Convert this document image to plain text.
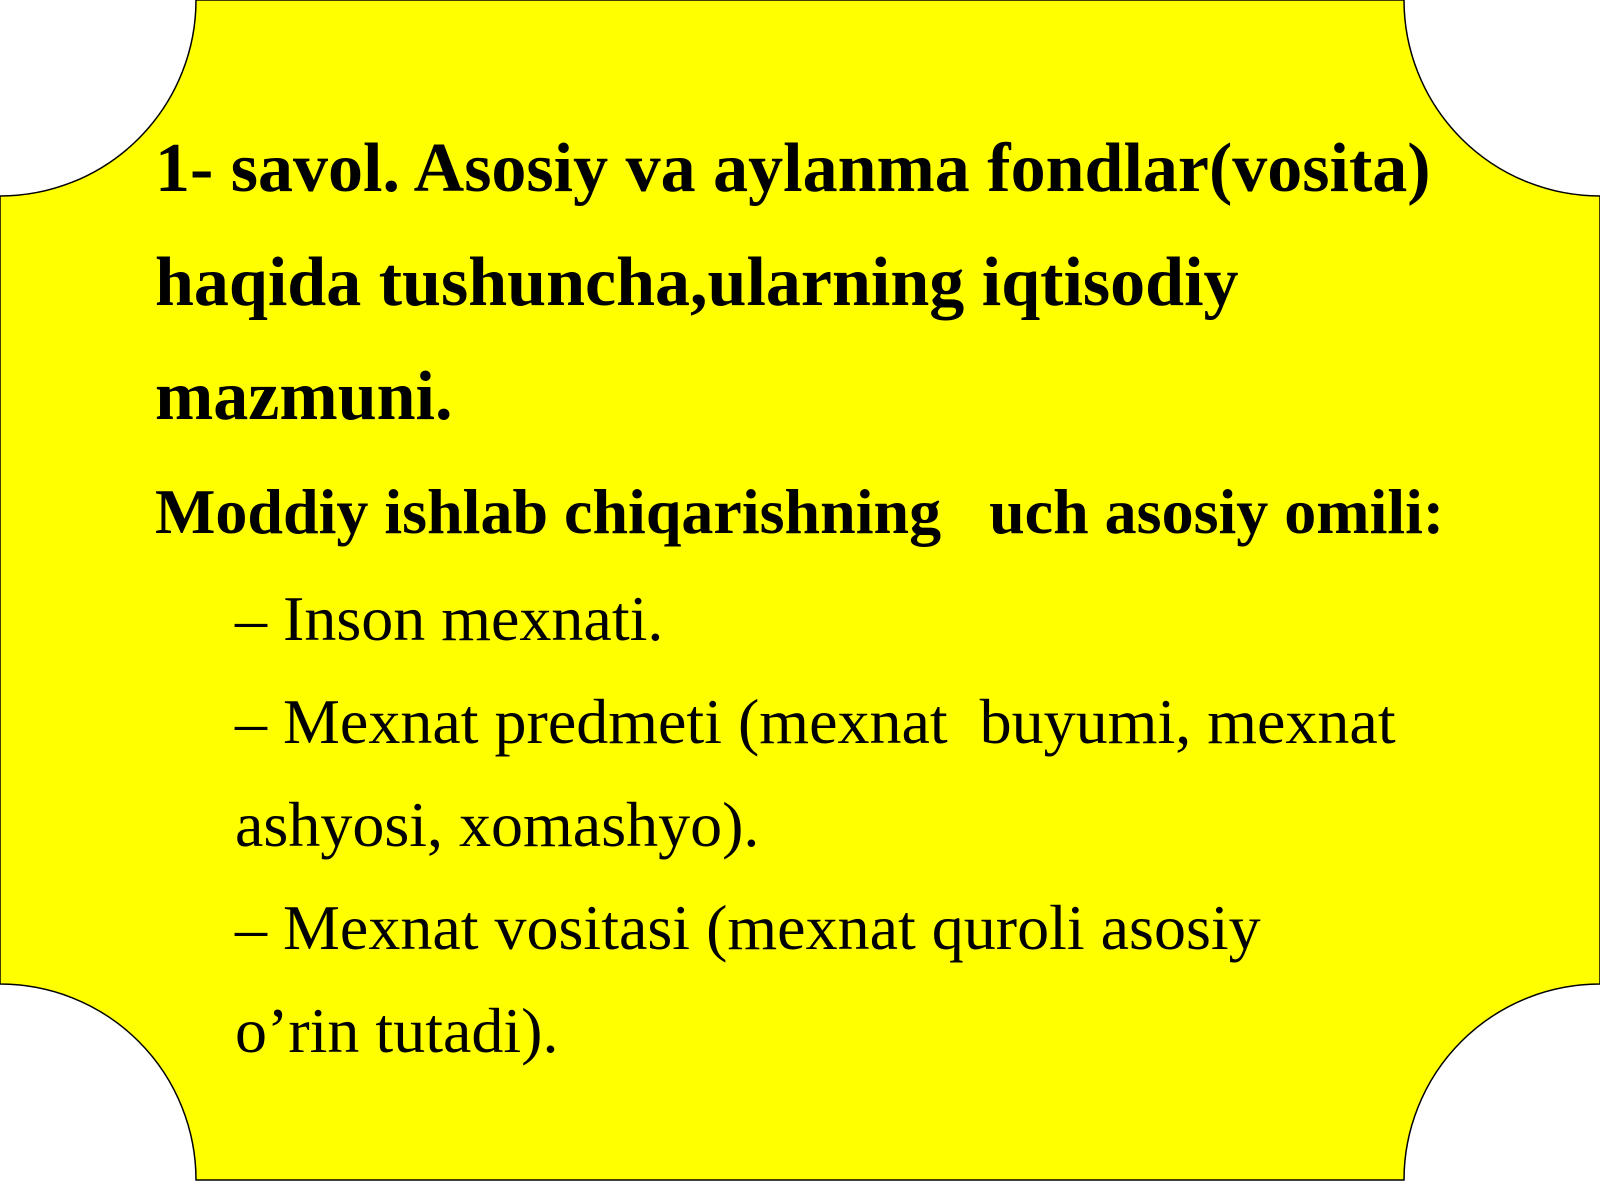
1- savol. Asosiy va aylanma fondlar(vosita)
haqida tushuncha,ularning iqtisodiy
mazmuni.

Moddiy ishlab chiqarishning   uch asosiy omili:

– Inson mexnati.
– Mexnat predmeti (mexnat  buyumi, mexnat
ashyosi, xomashyo).
– Mexnat vositasi (mexnat quroli asosiy
o’rin tutadi).
